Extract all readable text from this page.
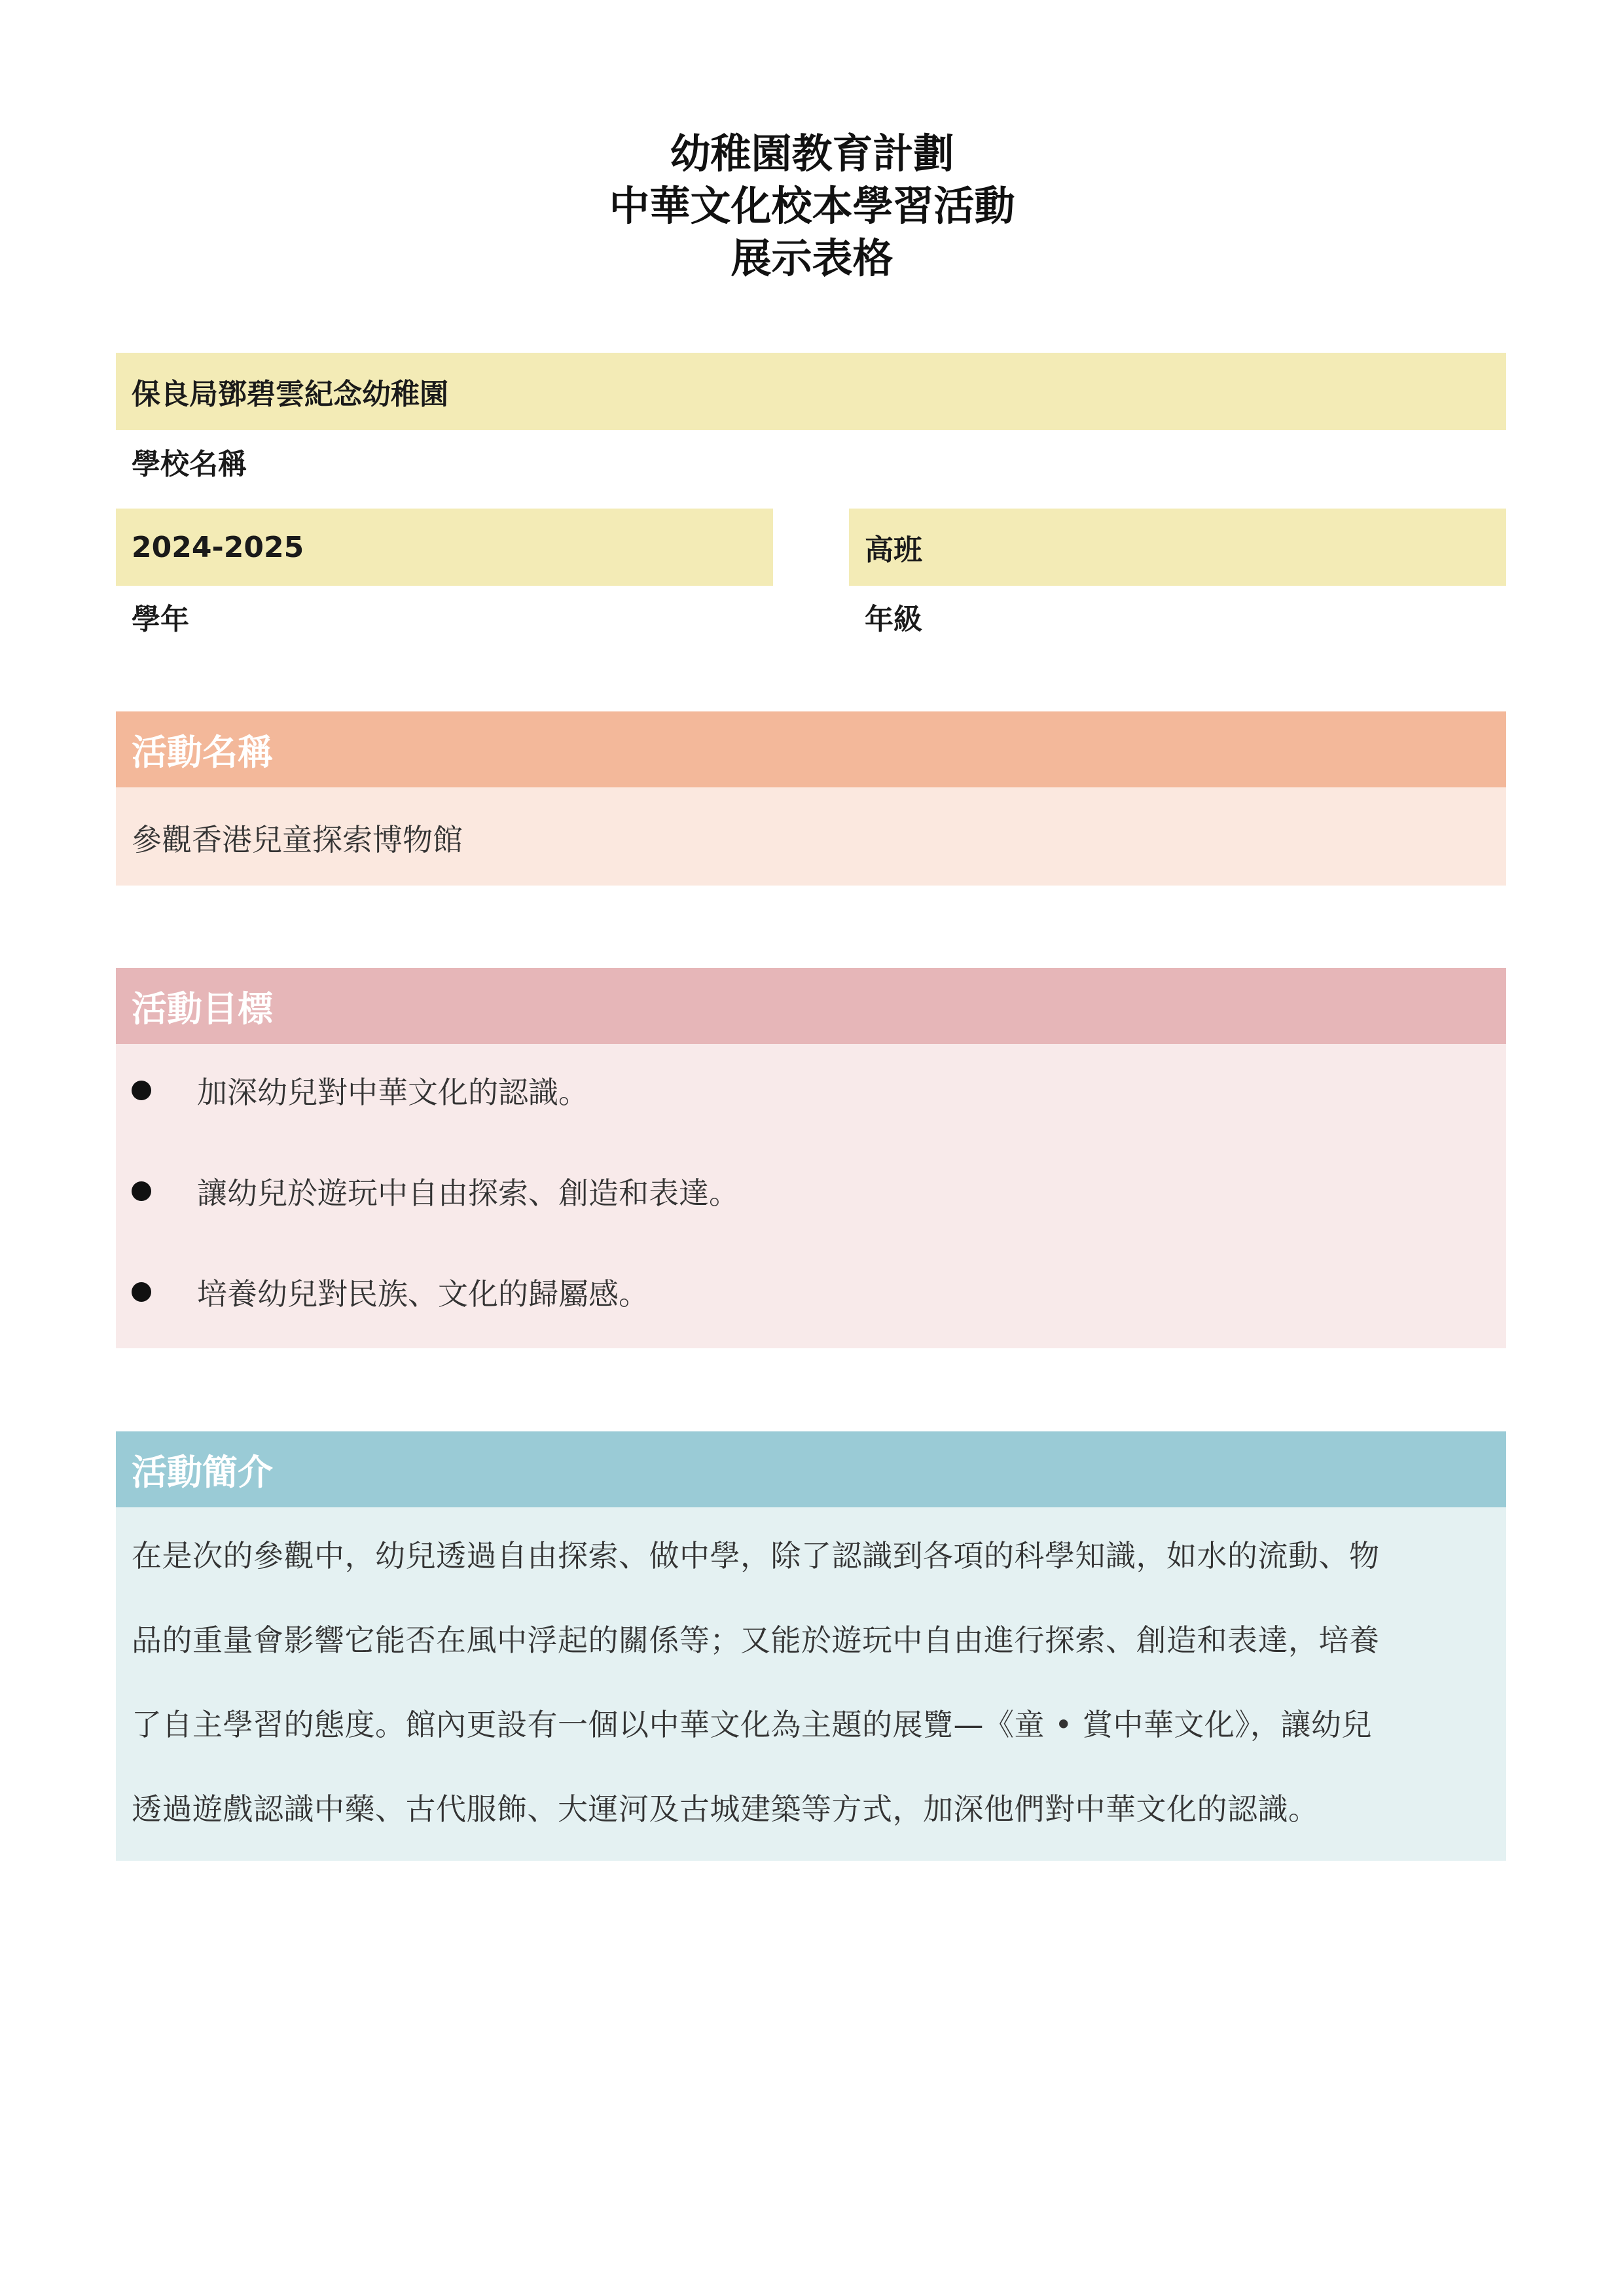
幼稚園教育計劃
中華文化校本學習活動
展示表格
保良局鄧碧雲紀念幼稚園
學校名稱
2024-2025
學年
高班
年級
活動名稱
參觀香港兒童探索博物館
活動目標
加深幼兒對中華文化的認識。
讓幼兒於遊玩中自由探索、創造和表達。
培養幼兒對民族、文化的歸屬感。
活動簡介
在是次的參觀中，幼兒透過自由探索、做中學，除了認識到各項的科學知識，如水的流動、物
品的重量會影響它能否在風中浮起的關係等；又能於遊玩中自由進行探索、創造和表達，培養
了自主學習的態度。館內更設有一個以中華文化為主題的展覽—《童 • 賞中華文化》，讓幼兒
透過遊戲認識中藥、古代服飾、大運河及古城建築等方式，加深他們對中華文化的認識。
